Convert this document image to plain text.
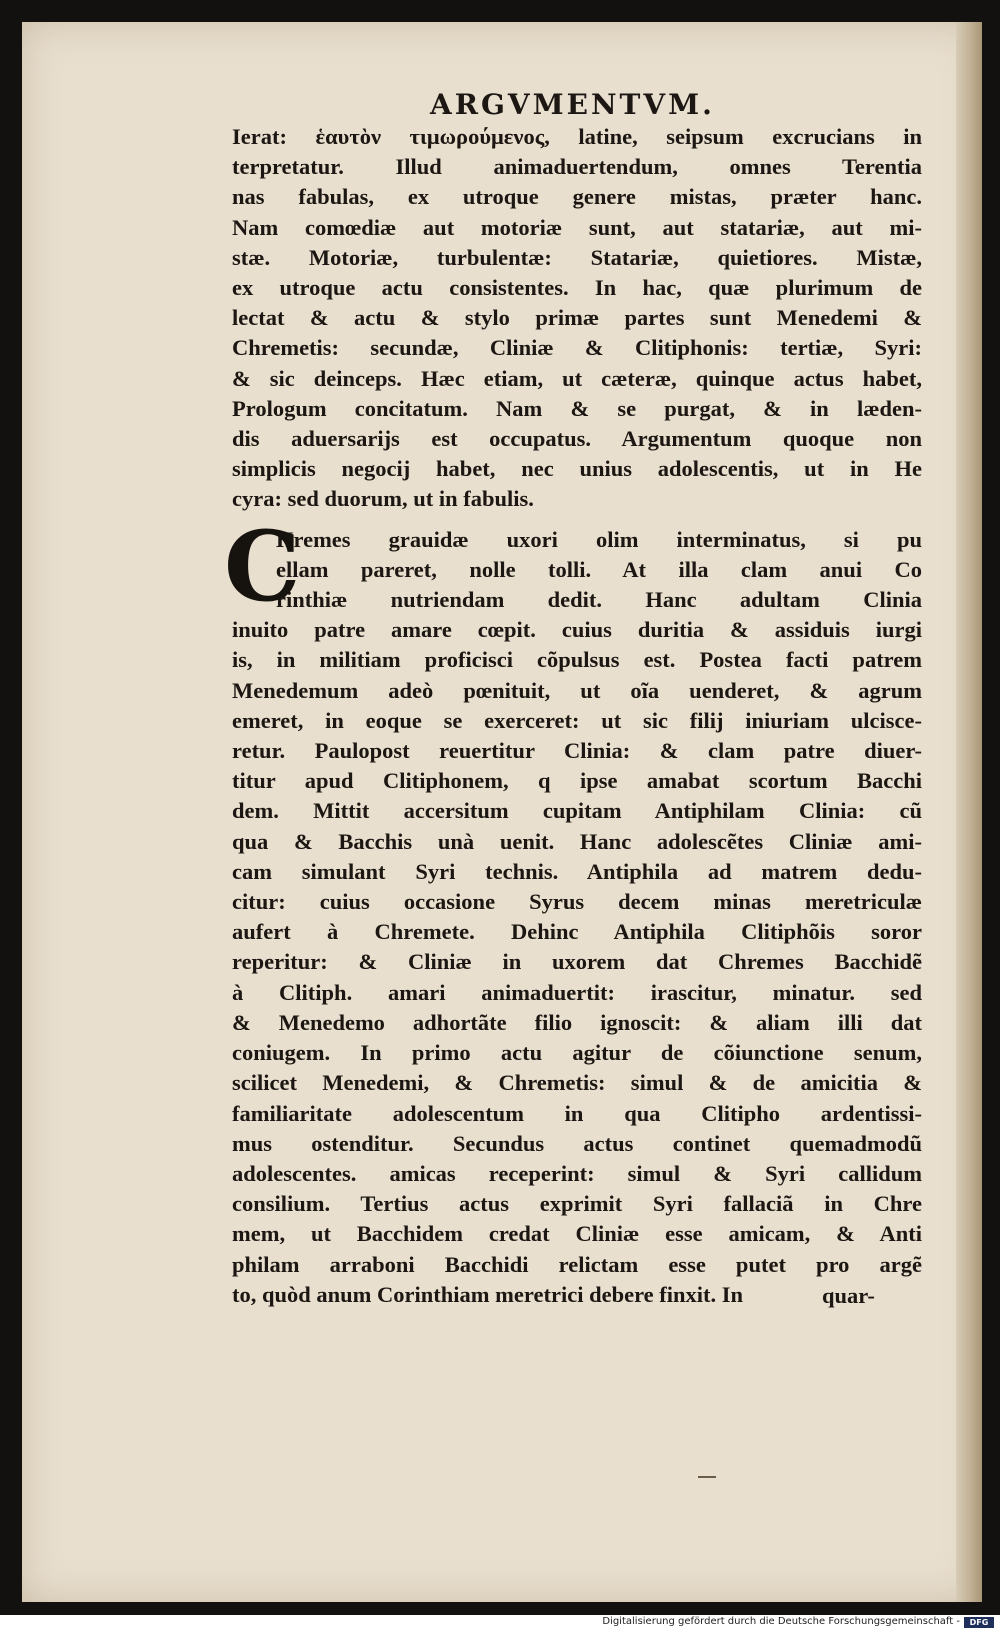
ARGVMENTVM.
Ierat: ἑαυτὸν τιμωρούμενος, latine, seipsum excrucians in
terpretatur. Illud animaduertendum, omnes Terentia
nas fabulas, ex utroque genere mistas, præter hanc.
Nam comœdiæ aut motoriæ sunt, aut statariæ, aut mi-
stæ. Motoriæ, turbulentæ: Statariæ, quietiores. Mistæ,
ex utroque actu consistentes. In hac, quæ plurimum de
lectat & actu & stylo primæ partes sunt Menedemi &
Chremetis: secundæ, Cliniæ & Clitiphonis: tertiæ, Syri:
& sic deinceps. Hæc etiam, ut cæteræ, quinque actus habet,
Prologum concitatum. Nam & se purgat, & in læden-
dis aduersarijs est occupatus. Argumentum quoque non
simplicis negocij habet, nec unius adolescentis, ut in He
cyra: sed duorum, ut in fabulis.
C
Hremes grauidæ uxori olim interminatus, si pu
ellam pareret, nolle tolli. At illa clam anui Co
rinthiæ nutriendam dedit. Hanc adultam Clinia
inuito patre amare cœpit. cuius duritia & assiduis iurgi
is, in militiam proficisci cõpulsus est. Postea facti patrem
Menedemum adeò pœnituit, ut oĩa uenderet, & agrum
emeret, in eoque se exerceret: ut sic filij iniuriam ulcisce-
retur. Paulopost reuertitur Clinia: & clam patre diuer-
titur apud Clitiphonem, q ipse amabat scortum Bacchi
dem. Mittit accersitum cupitam Antiphilam Clinia: cũ
qua & Bacchis unà uenit. Hanc adolescẽtes Cliniæ ami-
cam simulant Syri technis. Antiphila ad matrem dedu-
citur: cuius occasione Syrus decem minas meretriculæ
aufert à Chremete. Dehinc Antiphila Clitiphõis soror
reperitur: & Cliniæ in uxorem dat Chremes Bacchidẽ
à Clitiph. amari animaduertit: irascitur, minatur. sed
& Menedemo adhortãte filio ignoscit: & aliam illi dat
coniugem. In primo actu agitur de cõiunctione senum,
scilicet Menedemi, & Chremetis: simul & de amicitia &
familiaritate adolescentum in qua Clitipho ardentissi-
mus ostenditur. Secundus actus continet quemadmodũ
adolescentes. amicas receperint: simul & Syri callidum
consilium. Tertius actus exprimit Syri fallaciã in Chre
mem, ut Bacchidem credat Cliniæ esse amicam, & Anti
philam arraboni Bacchidi relictam esse putet pro argẽ
to, quòd anum Corinthiam meretrici debere finxit. In	quar-
Digitalisierung gefördert durch die Deutsche Forschungsgemeinschaft -	DFG
